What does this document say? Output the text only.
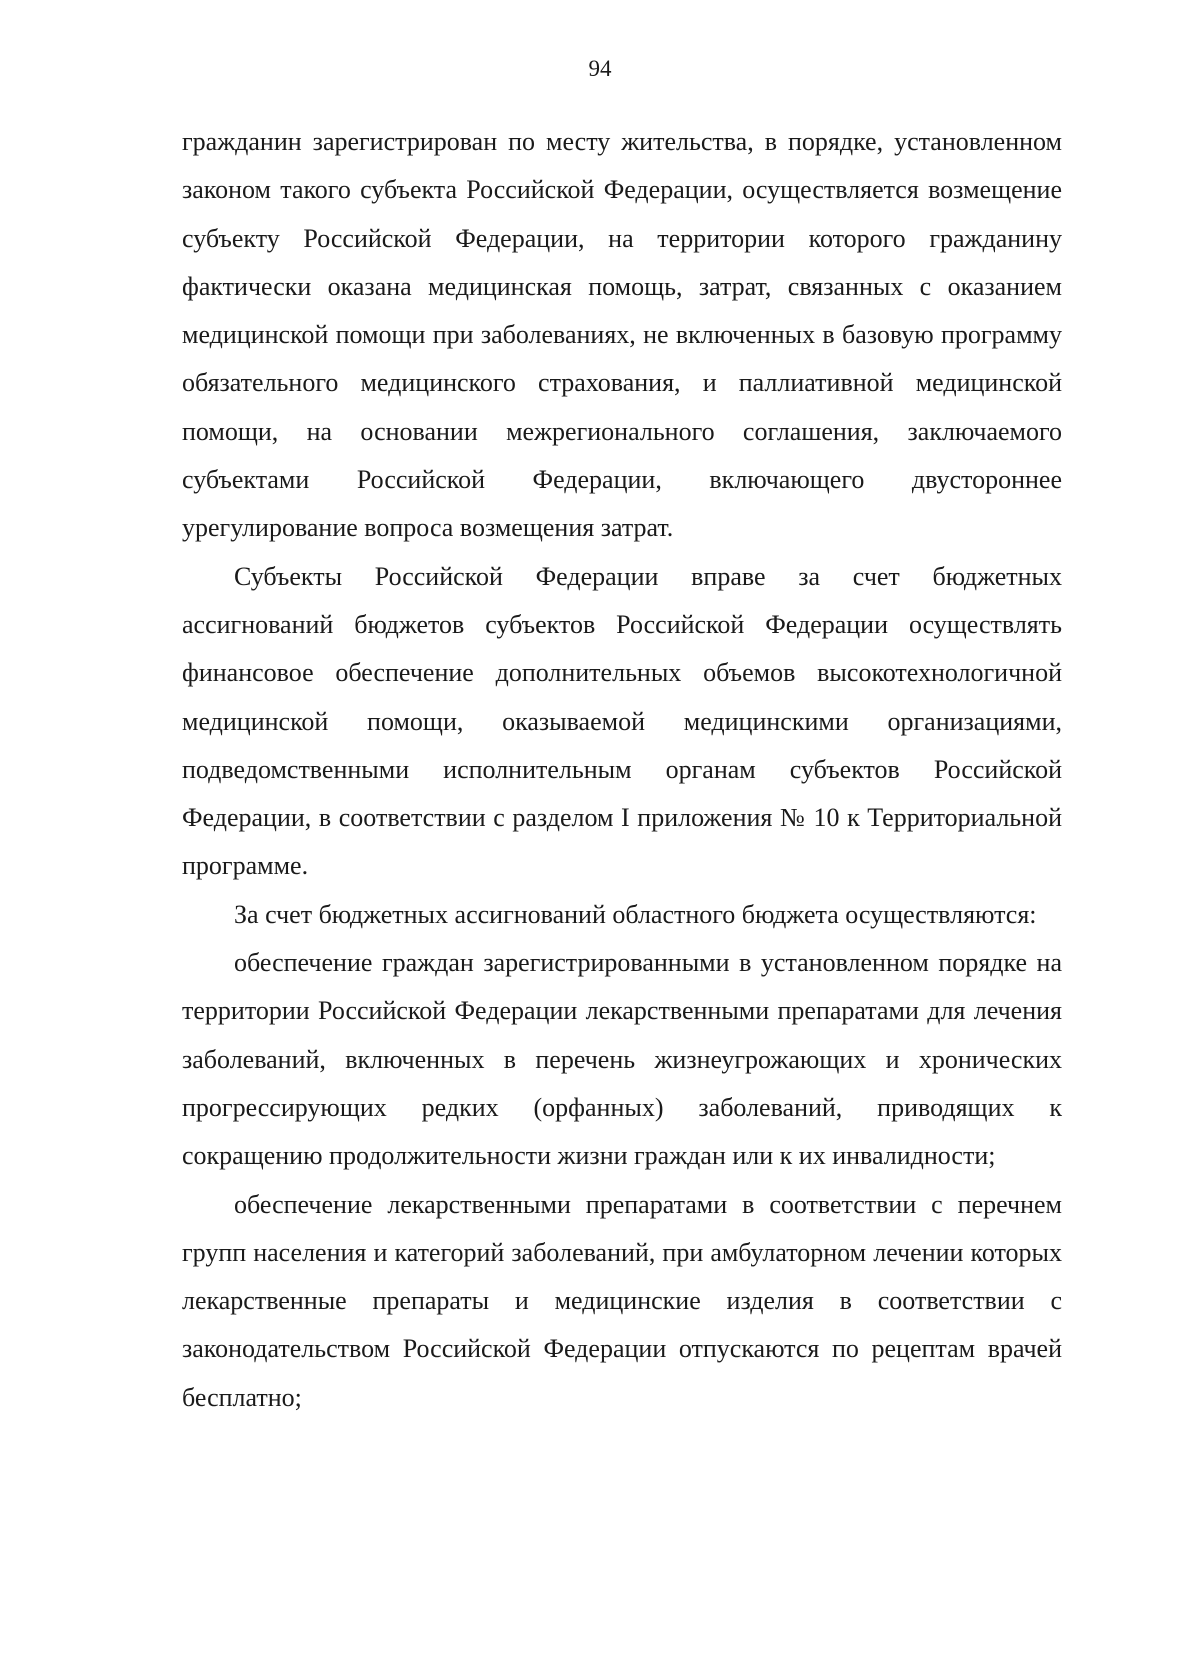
94

гражданин зарегистрирован по месту жительства, в порядке, установленном законом такого субъекта Российской Федерации, осуществляется возмещение субъекту Российской Федерации, на территории которого гражданину фактически оказана медицинская помощь, затрат, связанных с оказанием медицинской помощи при заболеваниях, не включенных в базовую программу обязательного медицинского страхования, и паллиативной медицинской помощи, на основании межрегионального соглашения, заключаемого субъектами Российской Федерации, включающего двустороннее урегулирование вопроса возмещения затрат.

Субъекты Российской Федерации вправе за счет бюджетных ассигнований бюджетов субъектов Российской Федерации осуществлять финансовое обеспечение дополнительных объемов высокотехнологичной медицинской помощи, оказываемой медицинскими организациями, подведомственными исполнительным органам субъектов Российской Федерации, в соответствии с разделом I приложения № 10 к Территориальной программе.

За счет бюджетных ассигнований областного бюджета осуществляются:

обеспечение граждан зарегистрированными в установленном порядке на территории Российской Федерации лекарственными препаратами для лечения заболеваний, включенных в перечень жизнеугрожающих и хронических прогрессирующих редких (орфанных) заболеваний, приводящих к сокращению продолжительности жизни граждан или к их инвалидности;

обеспечение лекарственными препаратами в соответствии с перечнем групп населения и категорий заболеваний, при амбулаторном лечении которых лекарственные препараты и медицинские изделия в соответствии с законодательством Российской Федерации отпускаются по рецептам врачей бесплатно;
